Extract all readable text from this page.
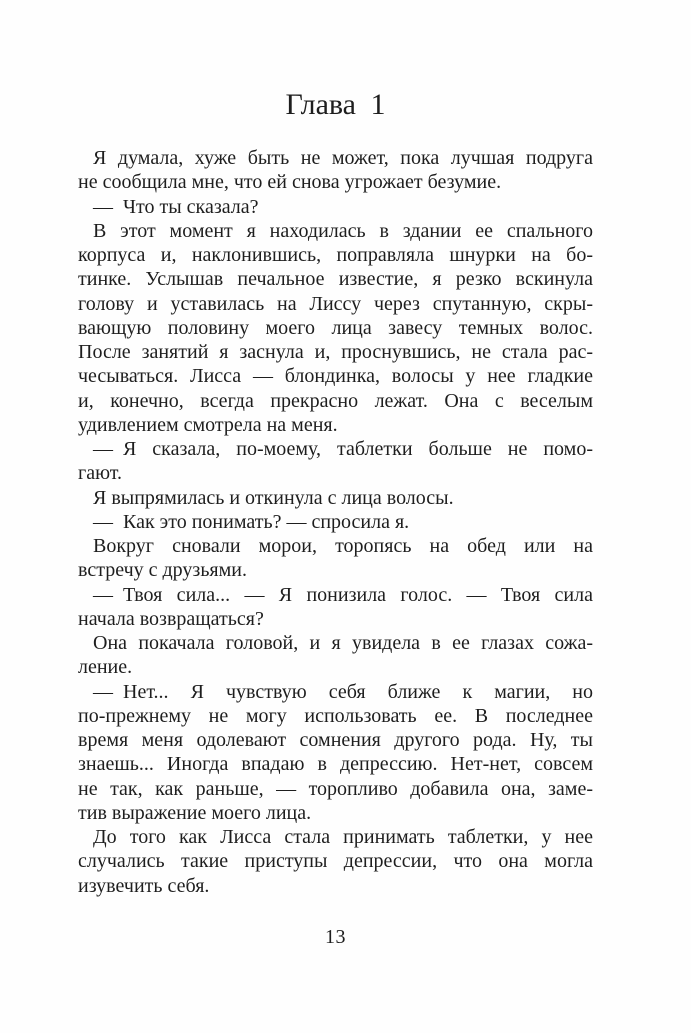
Глава 1
Я думала, хуже быть не может, пока лучшая подруга
не сообщила мне, что ей снова угрожает безумие.
— Что ты сказала?
В этот момент я находилась в здании ее спального
корпуса и, наклонившись, поправляла шнурки на бо-
тинке. Услышав печальное известие, я резко вскинула
голову и уставилась на Лиссу через спутанную, скры-
вающую половину моего лица завесу темных волос.
После занятий я заснула и, проснувшись, не стала рас-
чесываться. Лисса — блондинка, волосы у нее гладкие
и, конечно, всегда прекрасно лежат. Она с веселым
удивлением смотрела на меня.
— Я сказала, по-моему, таблетки больше не помо-
гают.
Я выпрямилась и откинула с лица волосы.
— Как это понимать? — спросила я.
Вокруг сновали морои, торопясь на обед или на
встречу с друзьями.
— Твоя сила... — Я понизила голос. — Твоя сила
начала возвращаться?
Она покачала головой, и я увидела в ее глазах сожа-
ление.
— Нет... Я чувствую себя ближе к магии, но
по-прежнему не могу использовать ее. В последнее
время меня одолевают сомнения другого рода. Ну, ты
знаешь... Иногда впадаю в депрессию. Нет-нет, совсем
не так, как раньше, — торопливо добавила она, заме-
тив выражение моего лица.
До того как Лисса стала принимать таблетки, у нее
случались такие приступы депрессии, что она могла
изувечить себя.
13
